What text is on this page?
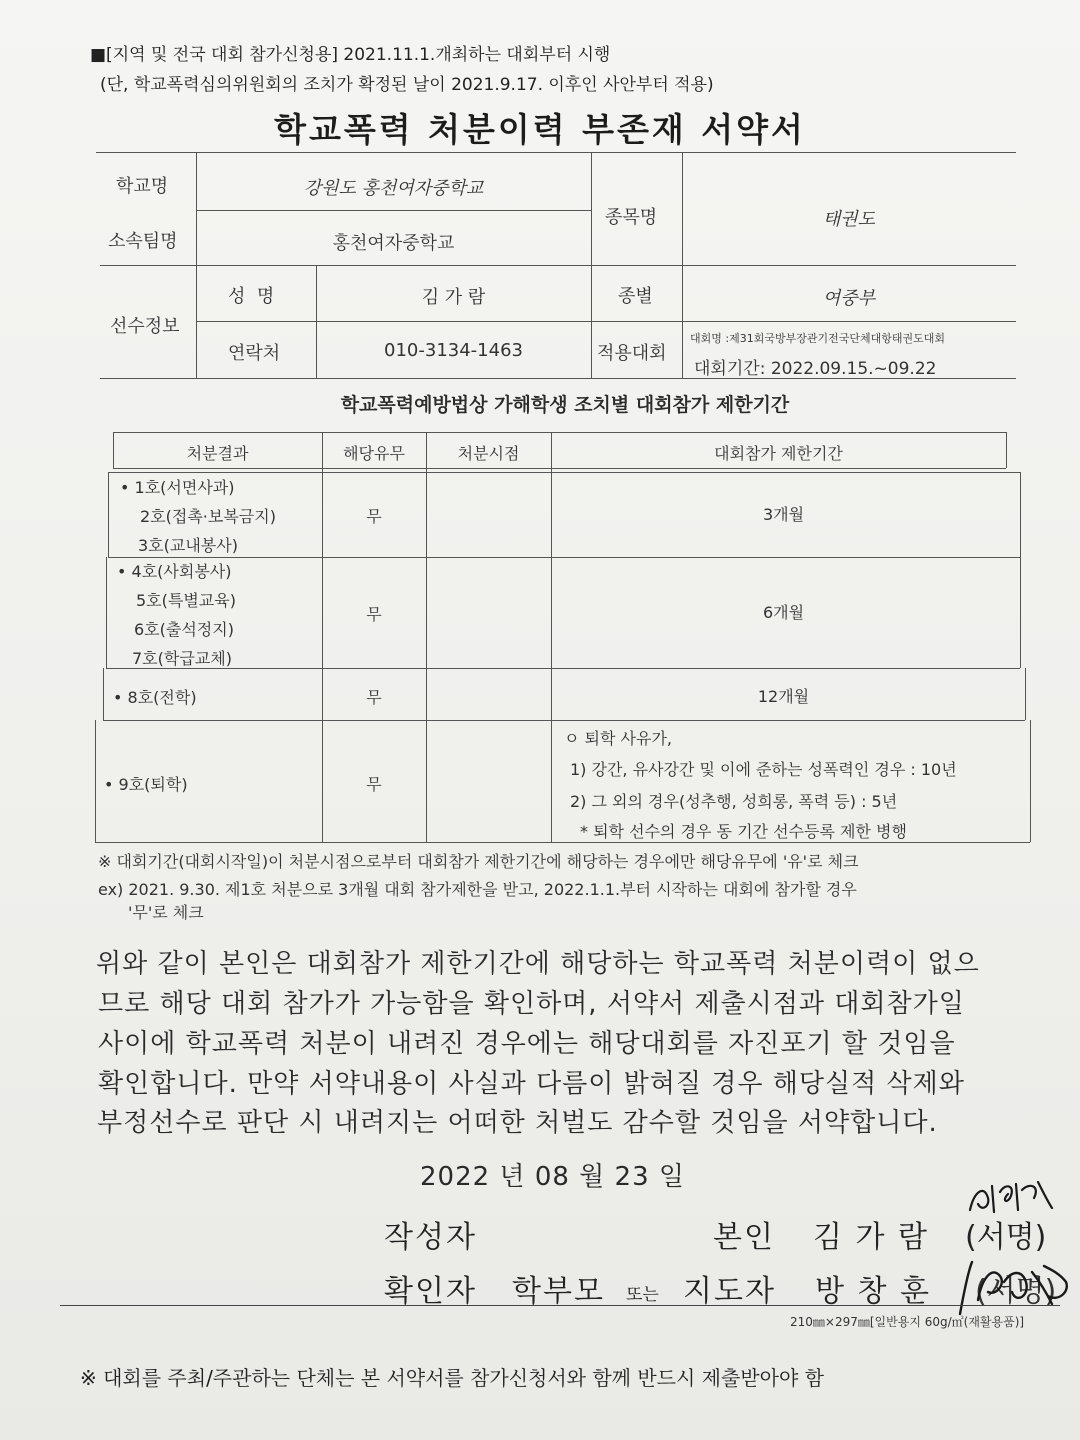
■[지역 및 전국 대회 참가신청용] 2021.11.1.개최하는 대회부터 시행
(단, 학교폭력심의위원회의 조치가 확정된 날이 2021.9.17. 이후인 사안부터 적용)
학교폭력 처분이력 부존재 서약서
학교명	강원도 홍천여자중학교
소속팀명	홍천여자중학교
종목명	태권도
선수정보
성  명	김 가 람	종별	여중부
연락처	010-3134-1463	적용대회
대회명 :제31회국방부장관기전국단체대항태권도대회
대회기간: 2022.09.15.~09.22
학교폭력예방법상 가해학생 조치별 대회참가 제한기간
처분결과	해당유무	처분시점	대회참가 제한기간
• 1호(서면사과)
2호(접촉·보복금지)
3호(교내봉사)
무	3개월
• 4호(사회봉사)
5호(특별교육)
6호(출석정지)
7호(학급교체)
무	6개월
• 8호(전학)	무	12개월
• 9호(퇴학)	무
ㅇ 퇴학 사유가,
1) 강간, 유사강간 및 이에 준하는 성폭력인 경우 : 10년
2) 그 외의 경우(성추행, 성희롱, 폭력 등) : 5년
* 퇴학 선수의 경우 동 기간 선수등록 제한 병행
※ 대회기간(대회시작일)이 처분시점으로부터 대회참가 제한기간에 해당하는 경우에만 해당유무에 '유'로 체크
ex) 2021. 9.30. 제1호 처분으로 3개월 대회 참가제한을 받고, 2022.1.1.부터 시작하는 대회에 참가할 경우
'무'로 체크
위와 같이 본인은 대회참가 제한기간에 해당하는 학교폭력 처분이력이 없으
므로 해당 대회 참가가 가능함을 확인하며, 서약서 제출시점과 대회참가일
사이에 학교폭력 처분이 내려진 경우에는 해당대회를 자진포기 할 것임을
확인합니다. 만약 서약내용이 사실과 다름이 밝혀질 경우 해당실적 삭제와
부정선수로 판단 시 내려지는 어떠한 처벌도 감수할 것임을 서약합니다.
2022 년 08 월 23 일
작성자	본인 김 가 람 (서명)
확인자 학부모 또는 지도자 방 창 훈 (서명)
210㎜×297㎜[일반용지 60g/㎡(재활용품)]
※ 대회를 주최/주관하는 단체는 본 서약서를 참가신청서와 함께 반드시 제출받아야 함
